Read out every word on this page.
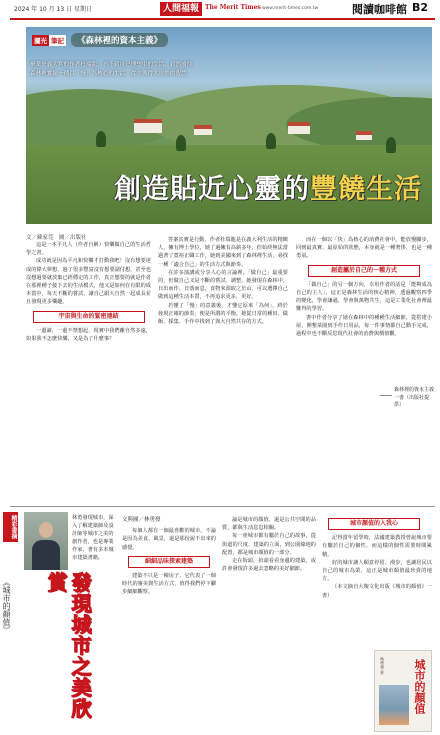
2024 年 10 月 13 日 星期日	人間福報	The Merit Times www.merit-times.com.tw	閱讀咖啡館 B2
瀾光 筆記	《森林裡的資本主義》
畢業於義大利的作者杜瑞龍，看不到自己理想中的生活，毅然前往森林裡實驗一種以「慢」為核心的生活，從中獲得大自然的智慧。
創造貼近心靈的豐饒生活
文／蘇家莞　圖／出版社

這是一本平凡人（作者自稱）快樂做自己的生活哲學之書。

成功就是因為平凡和快樂才打動我吧！沒有想要達成的偉大夢想，過了很多豐富沒有想要副付想，甚至也沒想過要就放棄已經穩定的工作，真正想要的就是作者在那裡種子接下去的生活模式，他又是如何在有限的成本當中，每天不斷的嘗試、讓自己跟大自然一起成長並且發現更多樂趣。

宇宙與生命的緊密連結

一邊讀，一邊不禁想起，現實中我們離自然多遠，如果我不怎麼快樂，又是為了什麼事？

答案其實是行動，作者杜瑞龍是在義大利生活的精緻人，擁有博士學位，她了過擁有高薪多年，但始終無法當過著了寬裕正職工作，她到美國來到了森林裡生活，尋找一種「適合自己」的生活方式與節奏。

在許多演講或分享人心的言論裡，「做自己」最重要的，但做自己又是不斷的嘗試、調整。她發現在森林中，日出而作、日落而息，食物來源取之於山，可以選擇自己做到這種生活本質，不再追求更多，更好。

若懂了「慢」的意義後，才懂它原來「為何」，終於發現正確的節奏，便是所謂的平衡。她從日常的種田、做飯、採集、手作中找到了與大自然共存的方式。

而在一個以「快」為核心的消費社會中，能放慢腳步，回到最真實、最原始的狀態，本身就是一種奢侈，也是一種勇氣。

創造屬於自己的一種方式

「做自己」的另一個方向，幸用作者的話是「能夠成為自己的主人」，這正是森林生活的核心精神，透過觀察四季的變化，學會謙遜，學會與萬物共生，這是工業化社會裡最難得的學習。

書中作者分享了她在森林中的種種生活細節，從搭建小屋、開墾菜園到手作日用品，每一件事情都自己動手完成，過程中也不斷反思現代社會的消費與價值觀。

森林裡的資本主義一書（出版社提供）
精彩書摘
《城市的顏值》	發現城市之美欣賞
林勇發現城市，深入了解建築師及設計師等城市之美的創作者，也是專業作家，著有多本城市建築書籍。

文與圖／林勇發

每個人都有一個最喜歡的城市，不論是因為美食、風景，還是那份說不出來的感覺。

細細品味探索建築

建築不只是一棟房子，它代表了一個時代的審美與生活方式，值得我們停下腳步細細觀察。

論是城市的顏值，還是公共空間的品質，都與生活息息相關。

每一座城市都有屬於自己的故事，從街道的尺度、建築的立面，到公園綠地的配置，都是城市顏值的一部分。

走在街頭，抬頭看看身邊的建築，或許會發現許多過去忽略的美好細節。

城市顏值的入我心

記得當年留學時，法國建築教授曾說城市要有屬於自己的個性，而這樣的個性需要時間累積。

好的城市讓人願意停留、漫步，也讓居民以自己的城市為榮，這正是城市顏值最珍貴的地方。

（本文摘自大塊文化出版《城市的顏值》一書）

林勇發 著	城市的顏值
